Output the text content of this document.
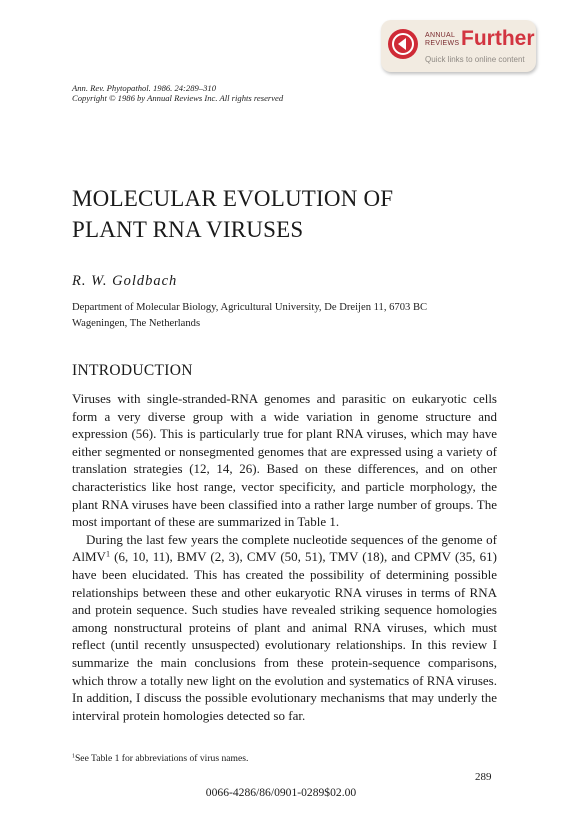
ANNUAL
REVIEWS Further
Quick links to online content
Ann. Rev. Phytopathol. 1986. 24:289–310
Copyright © 1986 by Annual Reviews Inc. All rights reserved
MOLECULAR EVOLUTION OF
PLANT RNA VIRUSES
R. W. Goldbach
Department of Molecular Biology, Agricultural University, De Dreijen 11, 6703 BC
Wageningen, The Netherlands
INTRODUCTION

Viruses with single-stranded-RNA genomes and parasitic on eukaryotic cells form a very diverse group with a wide variation in genome structure and expression (56). This is particularly true for plant RNA viruses, which may have either segmented or nonsegmented genomes that are expressed using a variety of translation strategies (12, 14, 26). Based on these differences, and on other characteristics like host range, vector specificity, and particle morphology, the plant RNA viruses have been classified into a rather large number of groups. The most important of these are summarized in Table 1.

During the last few years the complete nucleotide sequences of the genome of AlMV$^1$ (6, 10, 11), BMV (2, 3), CMV (50, 51), TMV (18), and CPMV (35, 61) have been elucidated. This has created the possibility of determining possible relationships between these and other eukaryotic RNA viruses in terms of RNA and protein sequence. Such studies have revealed striking sequence homologies among nonstructural proteins of plant and animal RNA viruses, which must reflect (until recently unsuspected) evolutionary relationships. In this review I summarize the main conclusions from these protein-sequence comparisons, which throw a totally new light on the evolution and systematics of RNA viruses. In addition, I discuss the possible evolutionary mechanisms that may underly the interviral protein homologies detected so far.

$^1$See Table 1 for abbreviations of virus names.
289
0066-4286/86/0901-0289$02.00
